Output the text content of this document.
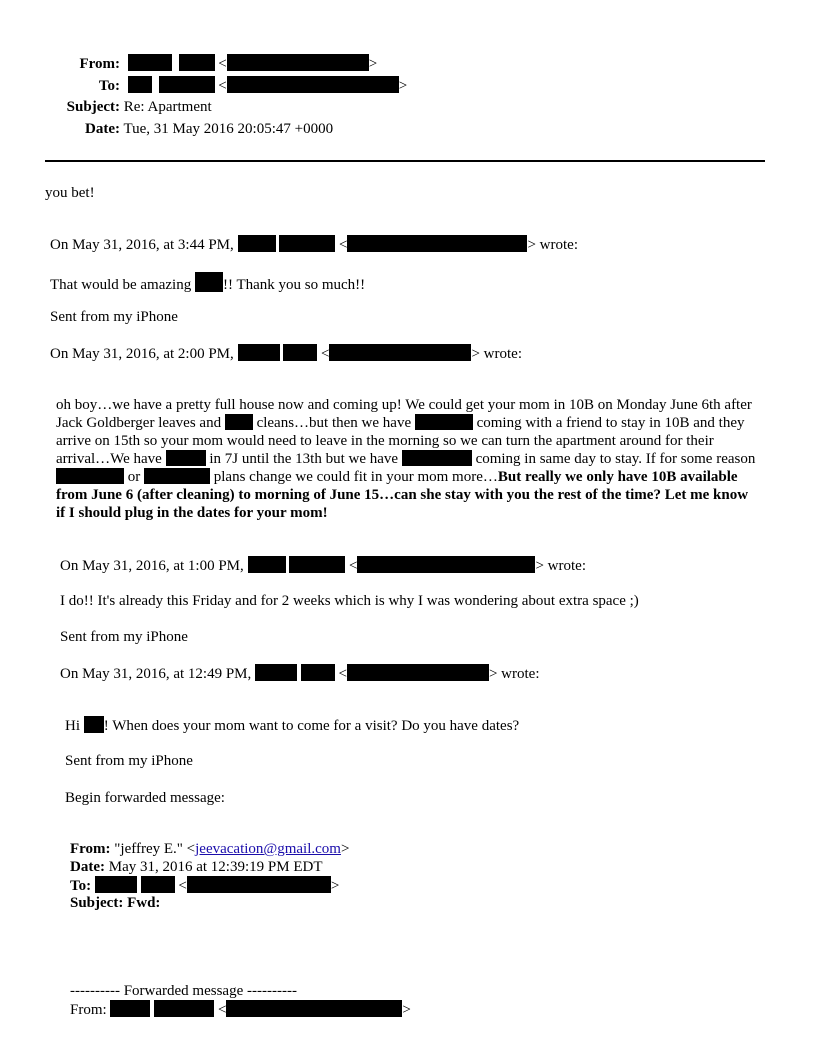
From:	<	>
To:	<	>
Subject: Re: Apartment
Date: Tue, 31 May 2016 20:05:47 +0000
you bet!
On May 31, 2016, at 3:44 PM,	<	> wrote:
That would be amazing !! Thank you so much!!
Sent from my iPhone
On May 31, 2016, at 2:00 PM,	<	> wrote:
oh boy…we have a pretty full house now and coming up! We could get your mom in 10B on Monday June 6th after Jack Goldberger leaves and  cleans…but then we have	coming with a friend to stay in 10B and they arrive on 15th so your mom would need to leave in the morning so we can turn the apartment around for their arrival…We have	in 7J until the 13th but we have	coming in same day to stay. If for some reason  or	plans change we could fit in your mom more…But really we only have 10B available from June 6 (after cleaning) to morning of June 15…can she stay with you the rest of the time? Let me know if I should plug in the dates for your mom!
On May 31, 2016, at 1:00 PM,	<	> wrote:
I do!! It's already this Friday and for 2 weeks which is why I was wondering about extra space ;)
Sent from my iPhone
On May 31, 2016, at 12:49 PM,	<	> wrote:
Hi ! When does your mom want to come for a visit? Do you have dates?
Sent from my iPhone
Begin forwarded message:
From: "jeffrey E." <jeevacation@gmail.com>
Date: May 31, 2016 at 12:39:19 PM EDT
To:	<	>
Subject: Fwd:
---------- Forwarded message ----------
From:	<	>
